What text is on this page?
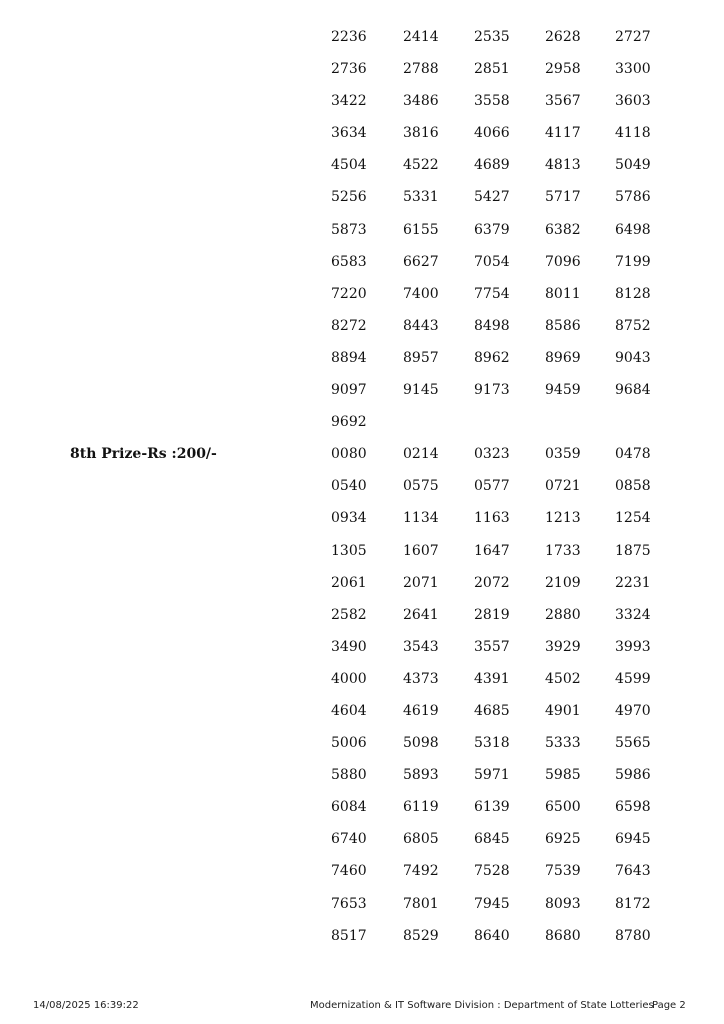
2236	2414	2535	2628 2727
2736	2788	2851	2958 3300
3422	3486	3558	3567 3603
3634	3816	4066	4117 4118
4504	4522	4689	4813 5049
5256	5331	5427	5717 5786
5873	6155	6379	6382 6498
6583	6627	7054	7096 7199
7220	7400	7754	8011 8128
8272	8443	8498	8586 8752
8894	8957	8962	8969 9043
9097	9145	9173	9459 9684
9692
8th Prize-Rs :200/-	0080	0214	0323	0359 0478
0540	0575	0577	0721 0858
0934	1134	1163	1213 1254
1305	1607	1647	1733 1875
2061	2071	2072	2109 2231
2582	2641	2819	2880 3324
3490	3543	3557	3929 3993
4000	4373	4391	4502 4599
4604	4619	4685	4901 4970
5006	5098	5318	5333 5565
5880	5893	5971	5985 5986
6084	6119	6139	6500 6598
6740	6805	6845	6925 6945
7460	7492	7528	7539 7643
7653	7801	7945	8093 8172
8517	8529	8640	8680 8780
14/08/2025 16:39:22	Modernization & IT Software Division : Department of State Lotteries
Page 2
